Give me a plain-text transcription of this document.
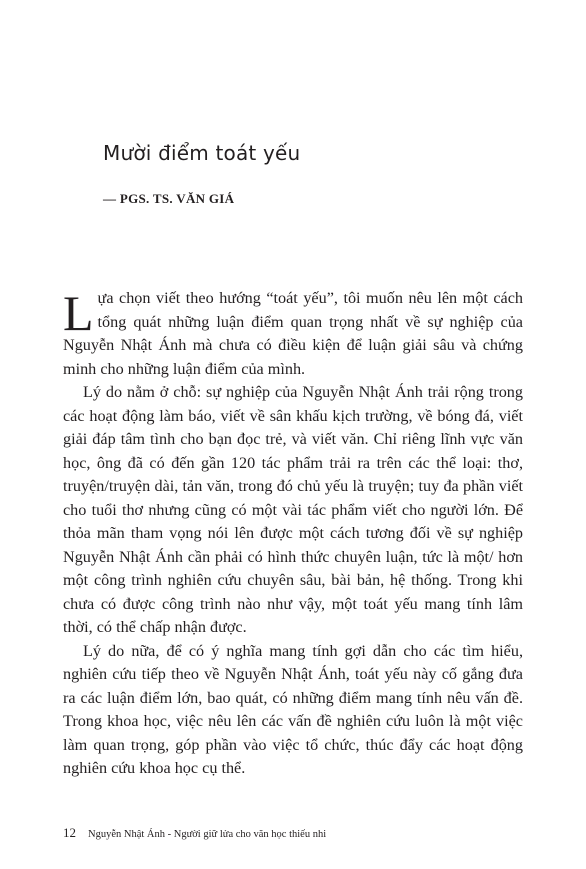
Mười điểm toát yếu
— PGS. TS. VĂN GIÁ

Lựa chọn viết theo hướng “toát yếu”, tôi muốn nêu lên một cách tổng quát những luận điểm quan trọng nhất về sự nghiệp của Nguyễn Nhật Ánh mà chưa có điều kiện để luận giải sâu và chứng minh cho những luận điểm của mình.

Lý do nằm ở chỗ: sự nghiệp của Nguyễn Nhật Ánh trải rộng trong các hoạt động làm báo, viết về sân khấu kịch trường, về bóng đá, viết giải đáp tâm tình cho bạn đọc trẻ, và viết văn. Chỉ riêng lĩnh vực văn học, ông đã có đến gần 120 tác phẩm trải ra trên các thể loại: thơ, truyện/truyện dài, tản văn, trong đó chủ yếu là truyện; tuy đa phần viết cho tuổi thơ nhưng cũng có một vài tác phẩm viết cho người lớn. Để thỏa mãn tham vọng nói lên được một cách tương đối về sự nghiệp Nguyễn Nhật Ánh cần phải có hình thức chuyên luận, tức là một/ hơn một công trình nghiên cứu chuyên sâu, bài bản, hệ thống. Trong khi chưa có được công trình nào như vậy, một toát yếu mang tính lâm thời, có thể chấp nhận được.

Lý do nữa, để có ý nghĩa mang tính gợi dẫn cho các tìm hiểu, nghiên cứu tiếp theo về Nguyễn Nhật Ánh, toát yếu này cố gắng đưa ra các luận điểm lớn, bao quát, có những điểm mang tính nêu vấn đề. Trong khoa học, việc nêu lên các vấn đề nghiên cứu luôn là một việc làm quan trọng, góp phần vào việc tổ chức, thúc đẩy các hoạt động nghiên cứu khoa học cụ thể.

12 Nguyễn Nhật Ánh - Người giữ lửa cho văn học thiếu nhi
